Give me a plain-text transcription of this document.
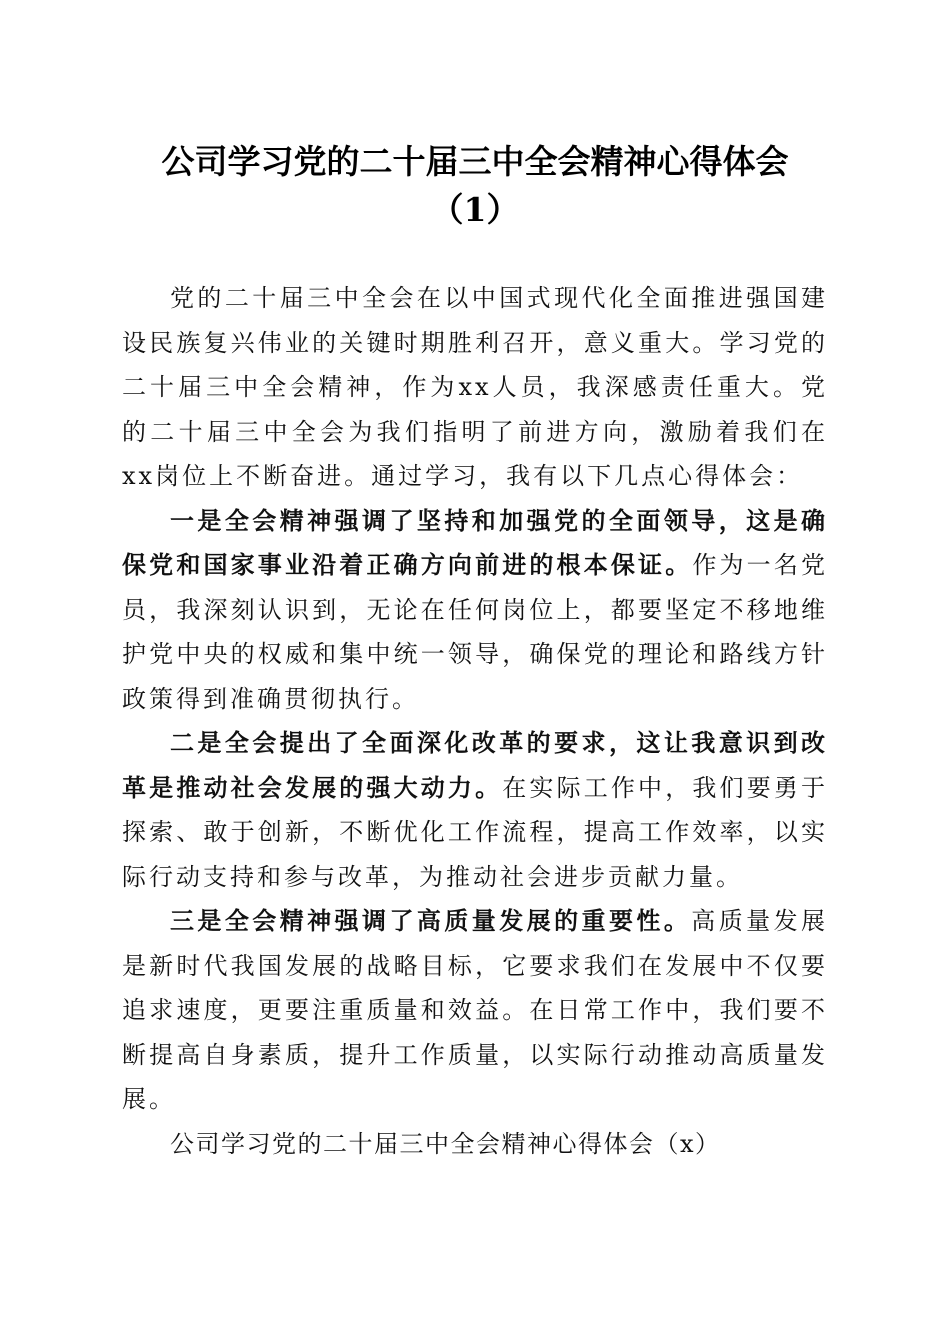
公司学习党的二十届三中全会精神心得体会
（1）

党的二十届三中全会在以中国式现代化全面推进强国建设民族复兴伟业的关键时期胜利召开，意义重大。学习党的二十届三中全会精神，作为xx人员，我深感责任重大。党的二十届三中全会为我们指明了前进方向，激励着我们在xx岗位上不断奋进。通过学习，我有以下几点心得体会：

一是全会精神强调了坚持和加强党的全面领导，这是确保党和国家事业沿着正确方向前进的根本保证。作为一名党员，我深刻认识到，无论在任何岗位上，都要坚定不移地维护党中央的权威和集中统一领导，确保党的理论和路线方针政策得到准确贯彻执行。

二是全会提出了全面深化改革的要求，这让我意识到改革是推动社会发展的强大动力。在实际工作中，我们要勇于探索、敢于创新，不断优化工作流程，提高工作效率，以实际行动支持和参与改革，为推动社会进步贡献力量。

三是全会精神强调了高质量发展的重要性。高质量发展是新时代我国发展的战略目标，它要求我们在发展中不仅要追求速度，更要注重质量和效益。在日常工作中，我们要不断提高自身素质，提升工作质量，以实际行动推动高质量发展。

公司学习党的二十届三中全会精神心得体会（x）
